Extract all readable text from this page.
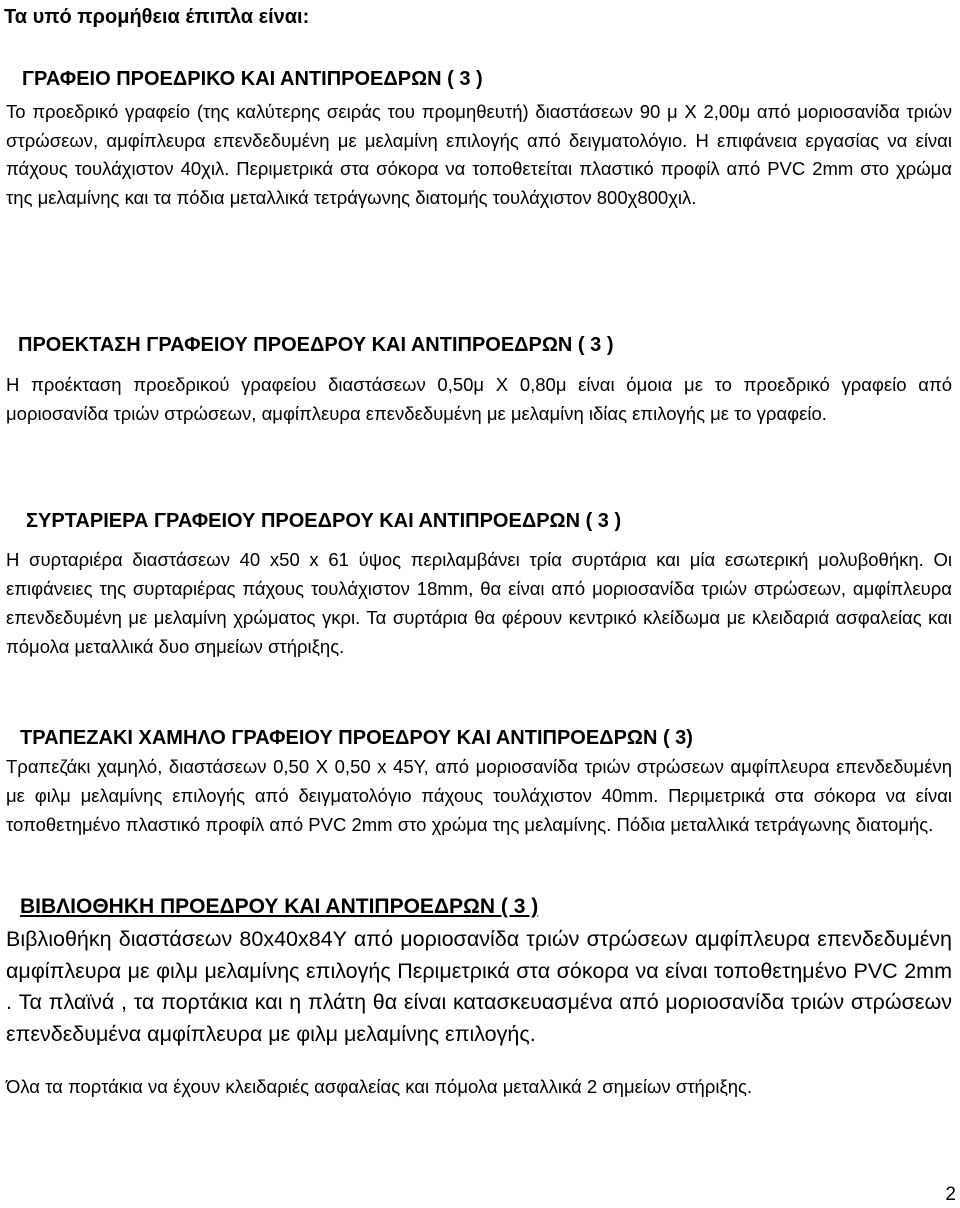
Τα υπό προμήθεια έπιπλα είναι:
ΓΡΑΦΕΙΟ ΠΡΟΕΔΡΙΚΟ ΚΑΙ ΑΝΤΙΠΡΟΕΔΡΩΝ ( 3 )
Το προεδρικό γραφείο (της καλύτερης σειράς του προμηθευτή) διαστάσεων 90 μ Χ 2,00μ από μοριοσανίδα τριών στρώσεων, αμφίπλευρα επενδεδυμένη με μελαμίνη επιλογής από δειγματολόγιο. Η επιφάνεια εργασίας να είναι πάχους τουλάχιστον 40χιλ. Περιμετρικά στα σόκορα να τοποθετείται πλαστικό προφίλ από PVC 2mm στο χρώμα της μελαμίνης και τα πόδια μεταλλικά τετράγωνης διατομής τουλάχιστον 800χ800χιλ.
ΠΡΟΕΚΤΑΣΗ ΓΡΑΦΕΙΟΥ ΠΡΟΕΔΡΟΥ ΚΑΙ ΑΝΤΙΠΡΟΕΔΡΩΝ ( 3 )
Η προέκταση προεδρικού γραφείου διαστάσεων 0,50μ Χ 0,80μ είναι όμοια με το προεδρικό γραφείο από μοριοσανίδα τριών στρώσεων, αμφίπλευρα επενδεδυμένη με μελαμίνη ιδίας επιλογής με το γραφείο.
ΣΥΡΤΑΡΙΕΡΑ ΓΡΑΦΕΙΟΥ ΠΡΟΕΔΡΟΥ ΚΑΙ ΑΝΤΙΠΡΟΕΔΡΩΝ ( 3 )
Η συρταριέρα διαστάσεων 40 x50 x 61 ύψος περιλαμβάνει τρία συρτάρια και μία εσωτερική μολυβοθήκη. Οι επιφάνειες της συρταριέρας πάχους τουλάχιστον 18mm, θα είναι από μοριοσανίδα τριών στρώσεων, αμφίπλευρα επενδεδυμένη με μελαμίνη χρώματος γκρι. Τα συρτάρια θα φέρουν κεντρικό κλείδωμα με κλειδαριά ασφαλείας και πόμολα μεταλλικά δυο σημείων στήριξης.
ΤΡΑΠΕΖΑΚΙ ΧΑΜΗΛΟ ΓΡΑΦΕΙΟΥ ΠΡΟΕΔΡΟΥ ΚΑΙ ΑΝΤΙΠΡΟΕΔΡΩΝ ( 3)
Τραπεζάκι χαμηλό, διαστάσεων 0,50 Χ 0,50 x 45Υ, από μοριοσανίδα τριών στρώσεων αμφίπλευρα επενδεδυμένη με φιλμ μελαμίνης επιλογής από δειγματολόγιο πάχους τουλάχιστον 40mm. Περιμετρικά στα σόκορα να είναι τοποθετημένο πλαστικό προφίλ από PVC 2mm στο χρώμα της μελαμίνης. Πόδια μεταλλικά τετράγωνης διατομής.
ΒΙΒΛΙΟΘΗΚΗ ΠΡΟΕΔΡΟΥ ΚΑΙ ΑΝΤΙΠΡΟΕΔΡΩΝ ( 3 )
Βιβλιοθήκη διαστάσεων 80x40x84Y από μοριοσανίδα τριών στρώσεων αμφίπλευρα επενδεδυμένη αμφίπλευρα με φιλμ μελαμίνης επιλογής Περιμετρικά στα σόκορα να είναι τοποθετημένο PVC 2mm . Τα πλαϊνά , τα πορτάκια και η πλάτη θα είναι κατασκευασμένα από μοριοσανίδα τριών στρώσεων επενδεδυμένα αμφίπλευρα με φιλμ μελαμίνης επιλογής.
Όλα τα πορτάκια να έχουν κλειδαριές ασφαλείας και πόμολα μεταλλικά 2 σημείων στήριξης.
2
